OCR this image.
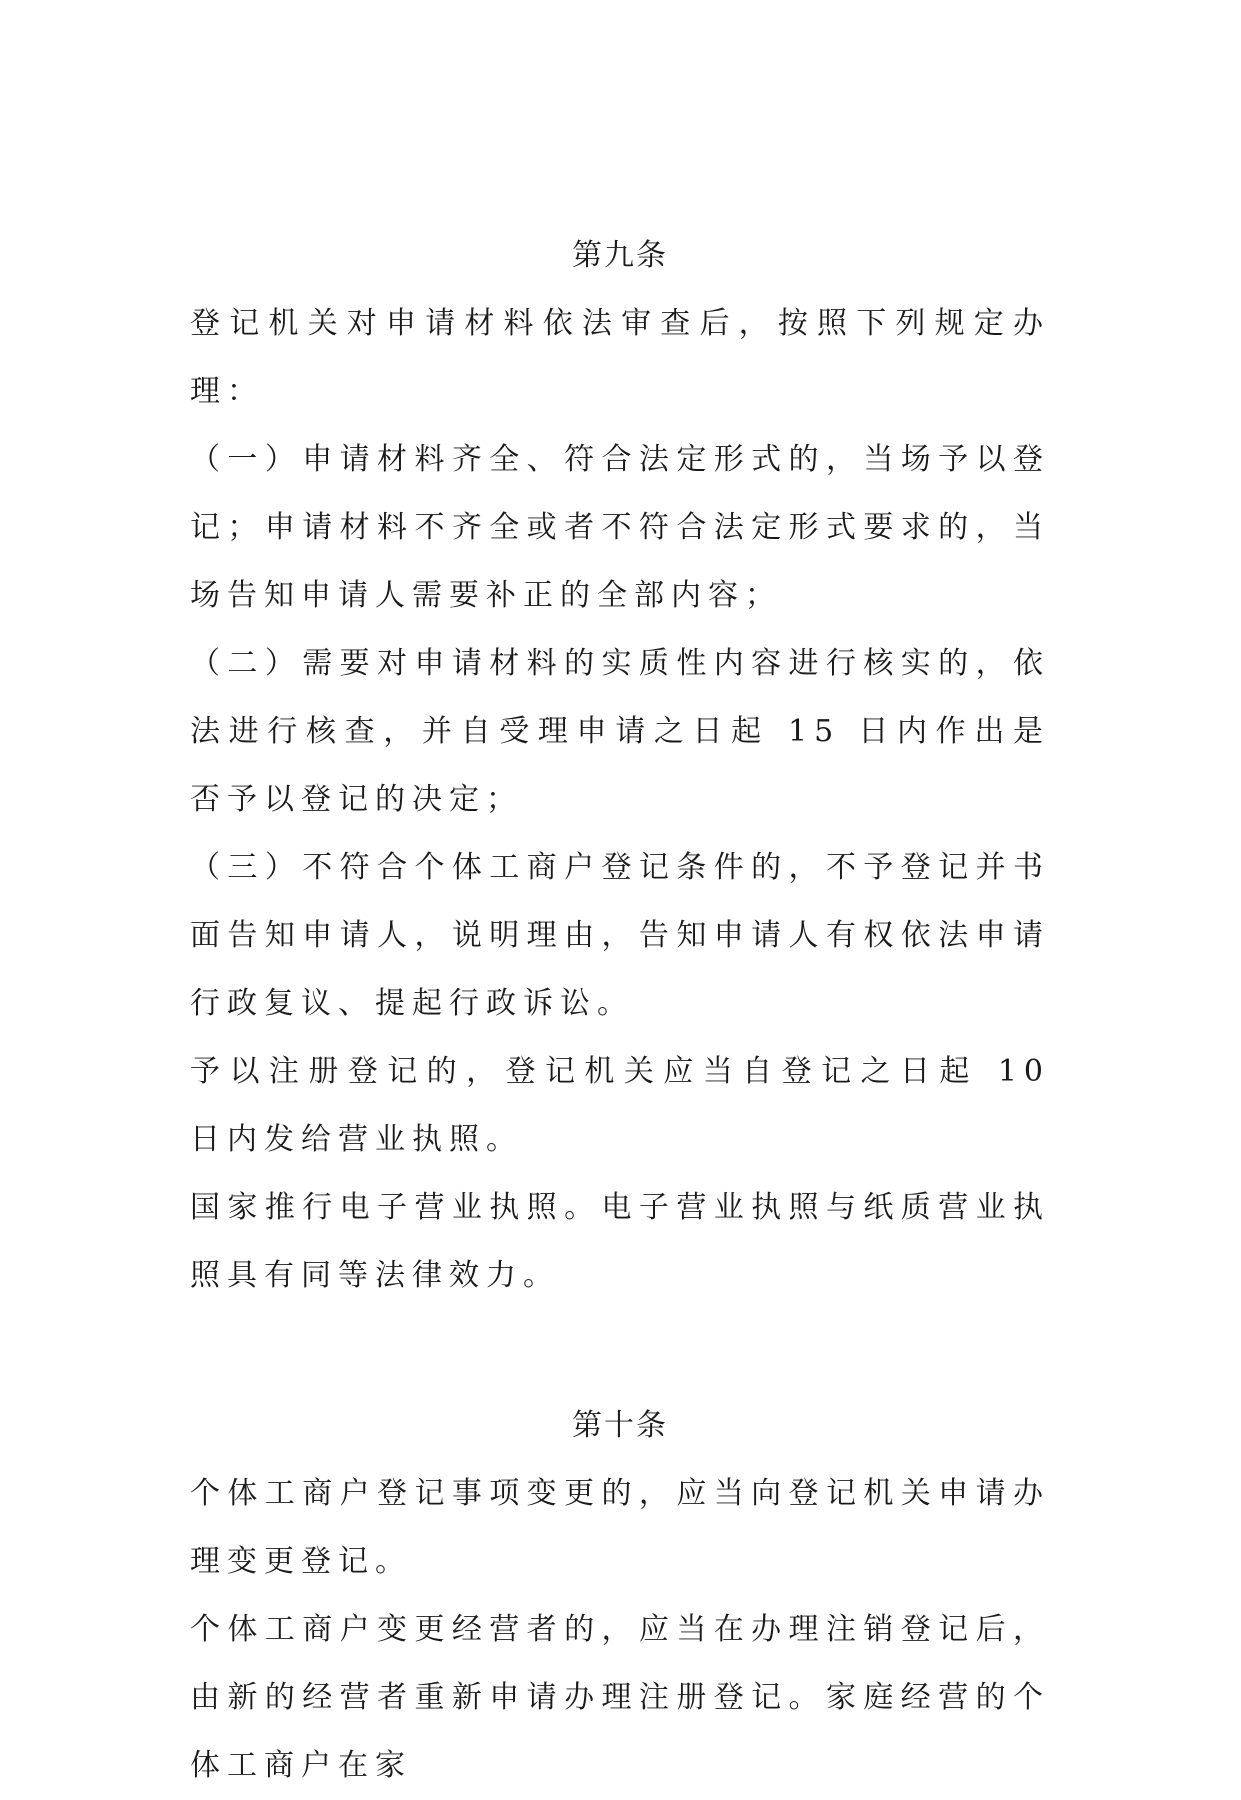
第九条

登记机关对申请材料依法审查后，按照下列规定办理：

（一）申请材料齐全、符合法定形式的，当场予以登记；申请材料不齐全或者不符合法定形式要求的，当场告知申请人需要补正的全部内容；

（二）需要对申请材料的实质性内容进行核实的，依法进行核查，并自受理申请之日起 15 日内作出是否予以登记的决定；

（三）不符合个体工商户登记条件的，不予登记并书面告知申请人，说明理由，告知申请人有权依法申请行政复议、提起行政诉讼。

予以注册登记的，登记机关应当自登记之日起 10 日内发给营业执照。

国家推行电子营业执照。电子营业执照与纸质营业执照具有同等法律效力。

第十条

个体工商户登记事项变更的，应当向登记机关申请办理变更登记。

个体工商户变更经营者的，应当在办理注销登记后，由新的经营者重新申请办理注册登记。家庭经营的个体工商户在家
